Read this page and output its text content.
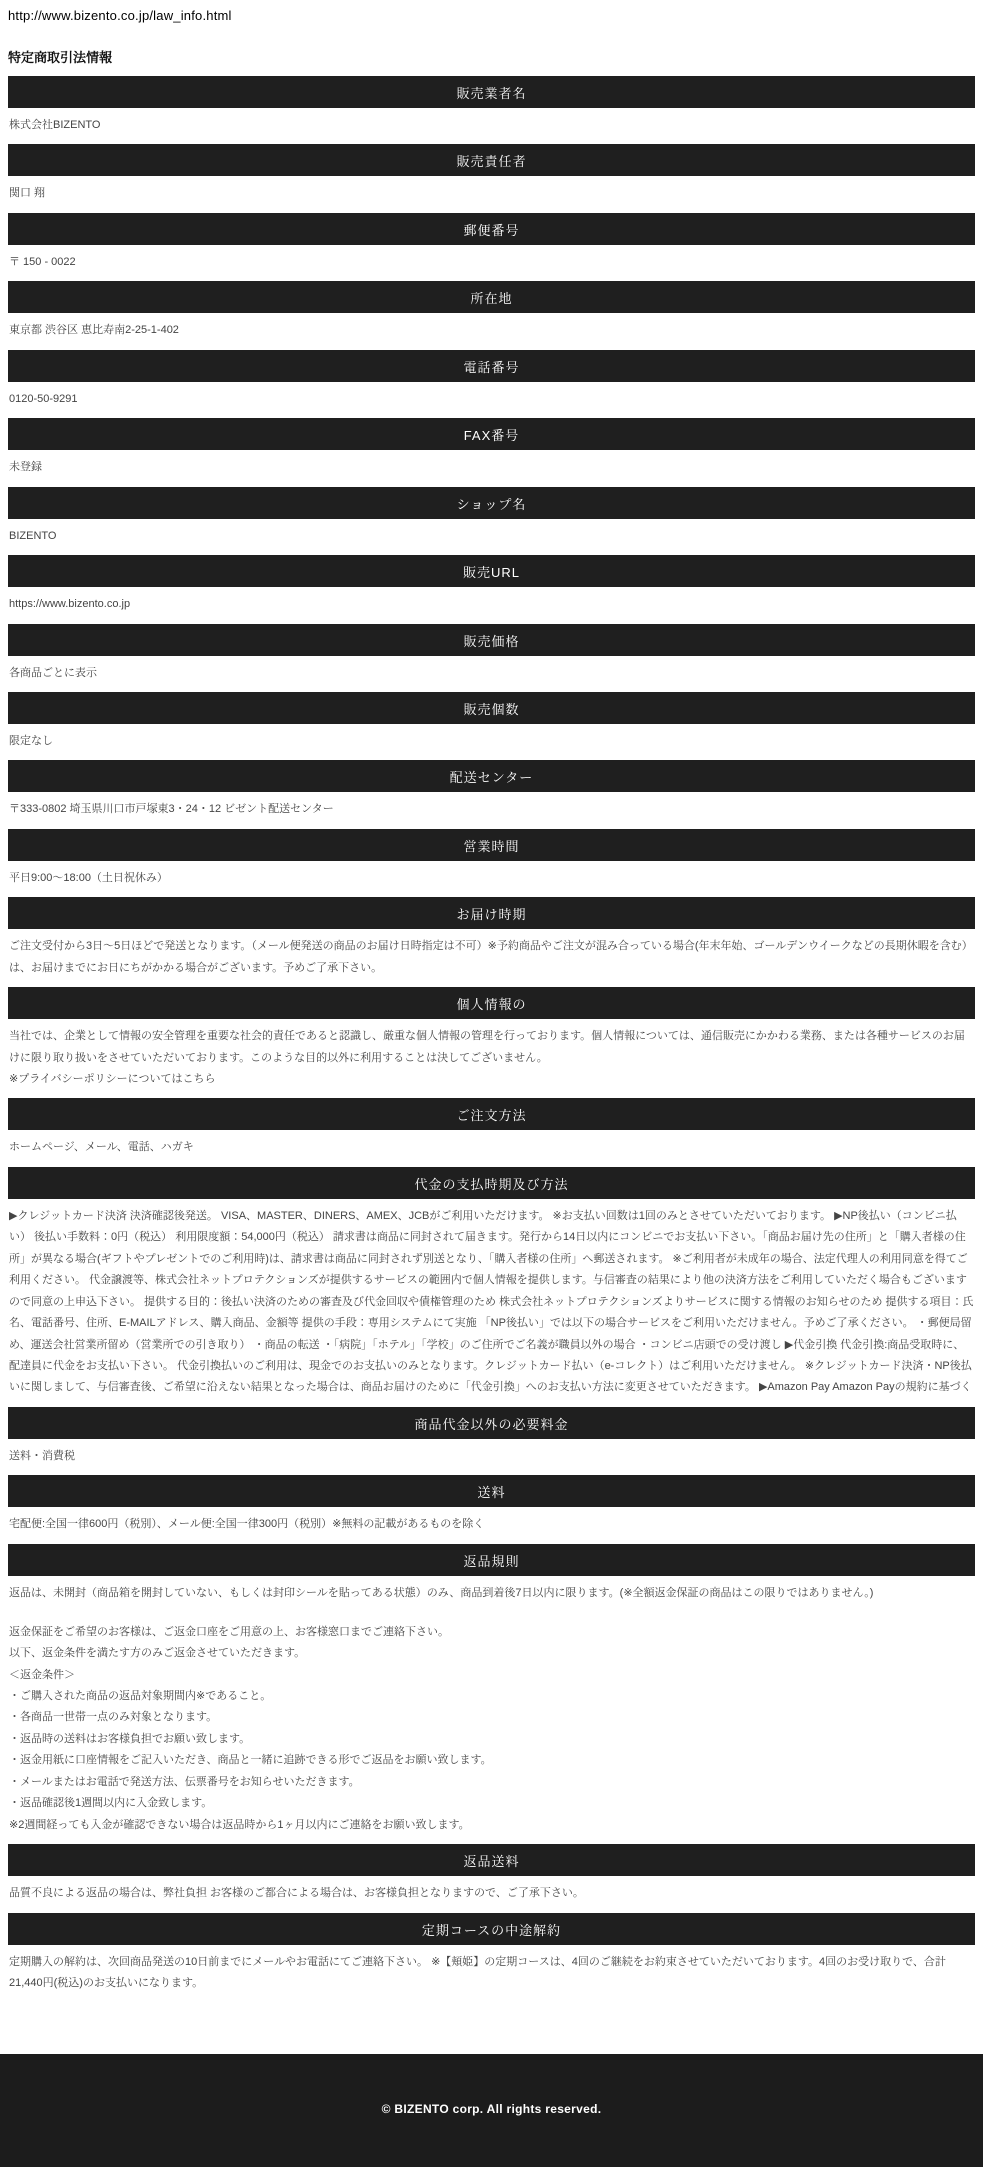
http://www.bizento.co.jp/law_info.html
特定商取引法情報
販売業者名
株式会社BIZENTO
販売責任者
関口 翔
郵便番号
〒 150 - 0022
所在地
東京都 渋谷区 恵比寿南2-25-1-402
電話番号
0120-50-9291
FAX番号
未登録
ショップ名
BIZENTO
販売URL
https://www.bizento.co.jp
販売価格
各商品ごとに表示
販売個数
限定なし
配送センター
〒333-0802 埼玉県川口市戸塚東3・24・12 ビゼント配送センター
営業時間
平日9:00〜18:00（土日祝休み）
お届け時期
ご注文受付から3日〜5日ほどで発送となります。（メール便発送の商品のお届け日時指定は不可）※予約商品やご注文が混み合っている場合(年末年始、ゴールデンウイークなどの長期休暇を含む）は、お届けまでにお日にちがかかる場合がございます。予めご了承下さい。
個人情報の
当社では、企業として情報の安全管理を重要な社会的責任であると認識し、厳重な個人情報の管理を行っております。個人情報については、通信販売にかかわる業務、または各種サービスのお届けに限り取り扱いをさせていただいております。このような目的以外に利用することは決してございません。
※プライバシーポリシーについてはこちら
ご注文方法
ホームページ、メール、電話、ハガキ
代金の支払時期及び方法
▶クレジットカード決済 決済確認後発送。 VISA、MASTER、DINERS、AMEX、JCBがご利用いただけます。 ※お支払い回数は1回のみとさせていただいております。 ▶NP後払い（コンビニ払い） 後払い手数料：0円（税込） 利用限度額：54,000円（税込） 請求書は商品に同封されて届きます。発行から14日以内にコンビニでお支払い下さい。「商品お届け先の住所」と「購入者様の住所」が異なる場合(ギフトやプレゼントでのご利用時)は、請求書は商品に同封されず別送となり、「購入者様の住所」へ郵送されます。 ※ご利用者が未成年の場合、法定代理人の利用同意を得てご利用ください。 代金譲渡等、株式会社ネットプロテクションズが提供するサービスの範囲内で個人情報を提供します。与信審査の結果により他の決済方法をご利用していただく場合もございますので同意の上申込下さい。 提供する目的：後払い決済のための審査及び代金回収や債権管理のため 株式会社ネットプロテクションズよりサービスに関する情報のお知らせのため 提供する項目：氏名、電話番号、住所、E-MAILアドレス、購入商品、金額等 提供の手段：専用システムにて実施 「NP後払い」では以下の場合サービスをご利用いただけません。予めご了承ください。 ・郵便局留め、運送会社営業所留め（営業所での引き取り） ・商品の転送 ・「病院」「ホテル」「学校」のご住所でご名義が職員以外の場合 ・コンビニ店頭での受け渡し ▶代金引換 代金引換:商品受取時に、配達員に代金をお支払い下さい。 代金引換払いのご利用は、現金でのお支払いのみとなります。クレジットカード払い（e-コレクト）はご利用いただけません。 ※クレジットカード決済・NP後払いに関しまして、与信審査後、ご希望に沿えない結果となった場合は、商品お届けのために「代金引換」へのお支払い方法に変更させていただきます。 ▶Amazon Pay Amazon Payの規約に基づく
商品代金以外の必要料金
送料・消費税
送料
宅配便:全国一律600円（税別）、メール便:全国一律300円（税別）※無料の記載があるものを除く
返品規則
返品は、未開封（商品箱を開封していない、もしくは封印シールを貼ってある状態）のみ、商品到着後7日以内に限ります。(※全額返金保証の商品はこの限りではありません。)
返金保証をご希望のお客様は、ご返金口座をご用意の上、お客様窓口までご連絡下さい。
以下、返金条件を満たす方のみご返金させていただきます。
＜返金条件＞
・ご購入された商品の返品対象期間内※であること。
・各商品一世帯一点のみ対象となります。
・返品時の送料はお客様負担でお願い致します。
・返金用紙に口座情報をご記入いただき、商品と一緒に追跡できる形でご返品をお願い致します。
・メールまたはお電話で発送方法、伝票番号をお知らせいただきます。
・返品確認後1週間以内に入金致します。
※2週間経っても入金が確認できない場合は返品時から1ヶ月以内にご連絡をお願い致します。
返品送料
品質不良による返品の場合は、弊社負担 お客様のご都合による場合は、お客様負担となりますので、ご了承下さい。
定期コースの中途解約
定期購入の解約は、次回商品発送の10日前までにメールやお電話にてご連絡下さい。 ※【頬姫】の定期コースは、4回のご継続をお約束させていただいております。4回のお受け取りで、合計21,440円(税込)のお支払いになります。
© BIZENTO corp. All rights reserved.
